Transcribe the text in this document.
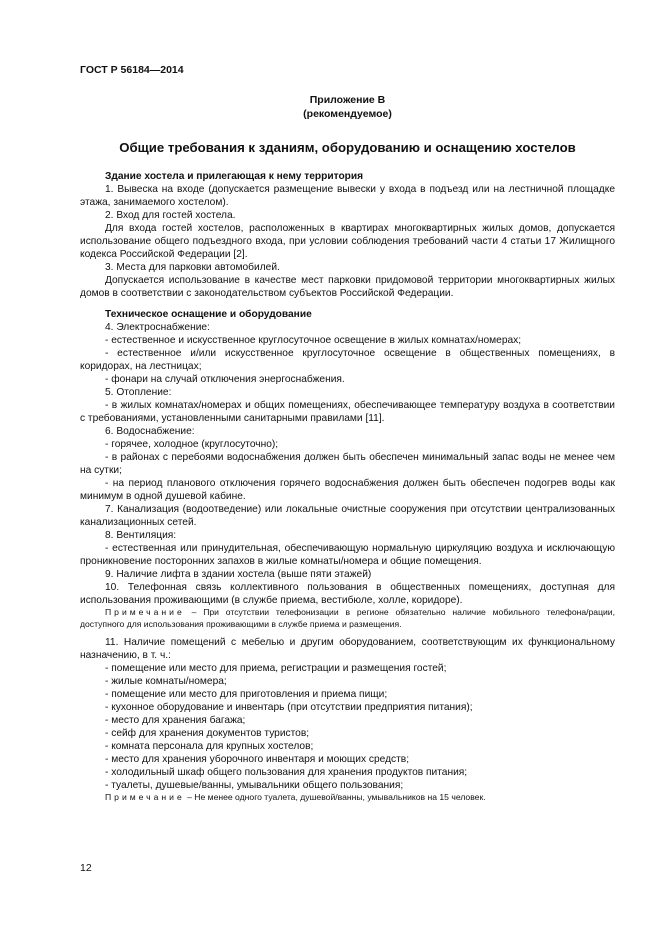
ГОСТ Р 56184—2014
Приложение В
(рекомендуемое)
Общие требования к зданиям, оборудованию и оснащению хостелов
Здание хостела и прилегающая к нему территория

1. Вывеска на входе (допускается размещение вывески у входа в подъезд или на лестничной площадке этажа, занимаемого хостелом).

2. Вход для гостей хостела.

Для входа гостей хостелов, расположенных в квартирах многоквартирных жилых домов, допускается использование общего подъездного входа, при условии соблюдения требований части 4 статьи 17 Жилищного кодекса Российской Федерации [2].

3. Места для парковки автомобилей.

Допускается использование в качестве мест парковки придомовой территории многоквартирных жилых домов в соответствии с законодательством субъектов Российской Федерации.

Техническое оснащение и оборудование

4. Электроснабжение:

- естественное и искусственное круглосуточное освещение в жилых комнатах/номерах;

- естественное и/или искусственное круглосуточное освещение в общественных помещениях, в коридорах, на лестницах;

- фонари на случай отключения энергоснабжения.

5. Отопление:

- в жилых комнатах/номерах и общих помещениях, обеспечивающее температуру воздуха в соответствии с требованиями, установленными санитарными правилами [11].

6. Водоснабжение:

- горячее, холодное (круглосуточно);

- в районах с перебоями водоснабжения должен быть обеспечен минимальный запас воды не менее чем на сутки;

- на период планового отключения горячего водоснабжения должен быть обеспечен подогрев воды как минимум в одной душевой кабине.

7. Канализация (водоотведение) или локальные очистные сооружения при отсутствии централизованных канализационных сетей.

8. Вентиляция:

- естественная или принудительная, обеспечивающую нормальную циркуляцию воздуха и исключающую проникновение посторонних запахов в жилые комнаты/номера и общие помещения.

9. Наличие лифта в здании хостела (выше пяти этажей)

10. Телефонная связь коллективного пользования в общественных помещениях, доступная для использования проживающими (в службе приема, вестибюле, холле, коридоре).

Примечание – При отсутствии телефонизации в регионе обязательно наличие мобильного телефона/рации, доступного для использования проживающими в службе приема и размещения.

11. Наличие помещений с мебелью и другим оборудованием, соответствующим их функциональному назначению, в т. ч.:

- помещение или место для приема, регистрации и размещения гостей;

- жилые комнаты/номера;

- помещение или место для приготовления и приема пищи;

- кухонное оборудование и инвентарь (при отсутствии предприятия питания);

- место для хранения багажа;

- сейф для хранения документов туристов;

- комната персонала для крупных хостелов;

- место для хранения уборочного инвентаря и моющих средств;

- холодильный шкаф общего пользования для хранения продуктов питания;

- туалеты, душевые/ванны, умывальники общего пользования;

Примечание – Не менее одного туалета, душевой/ванны, умывальников на 15 человек.

12
